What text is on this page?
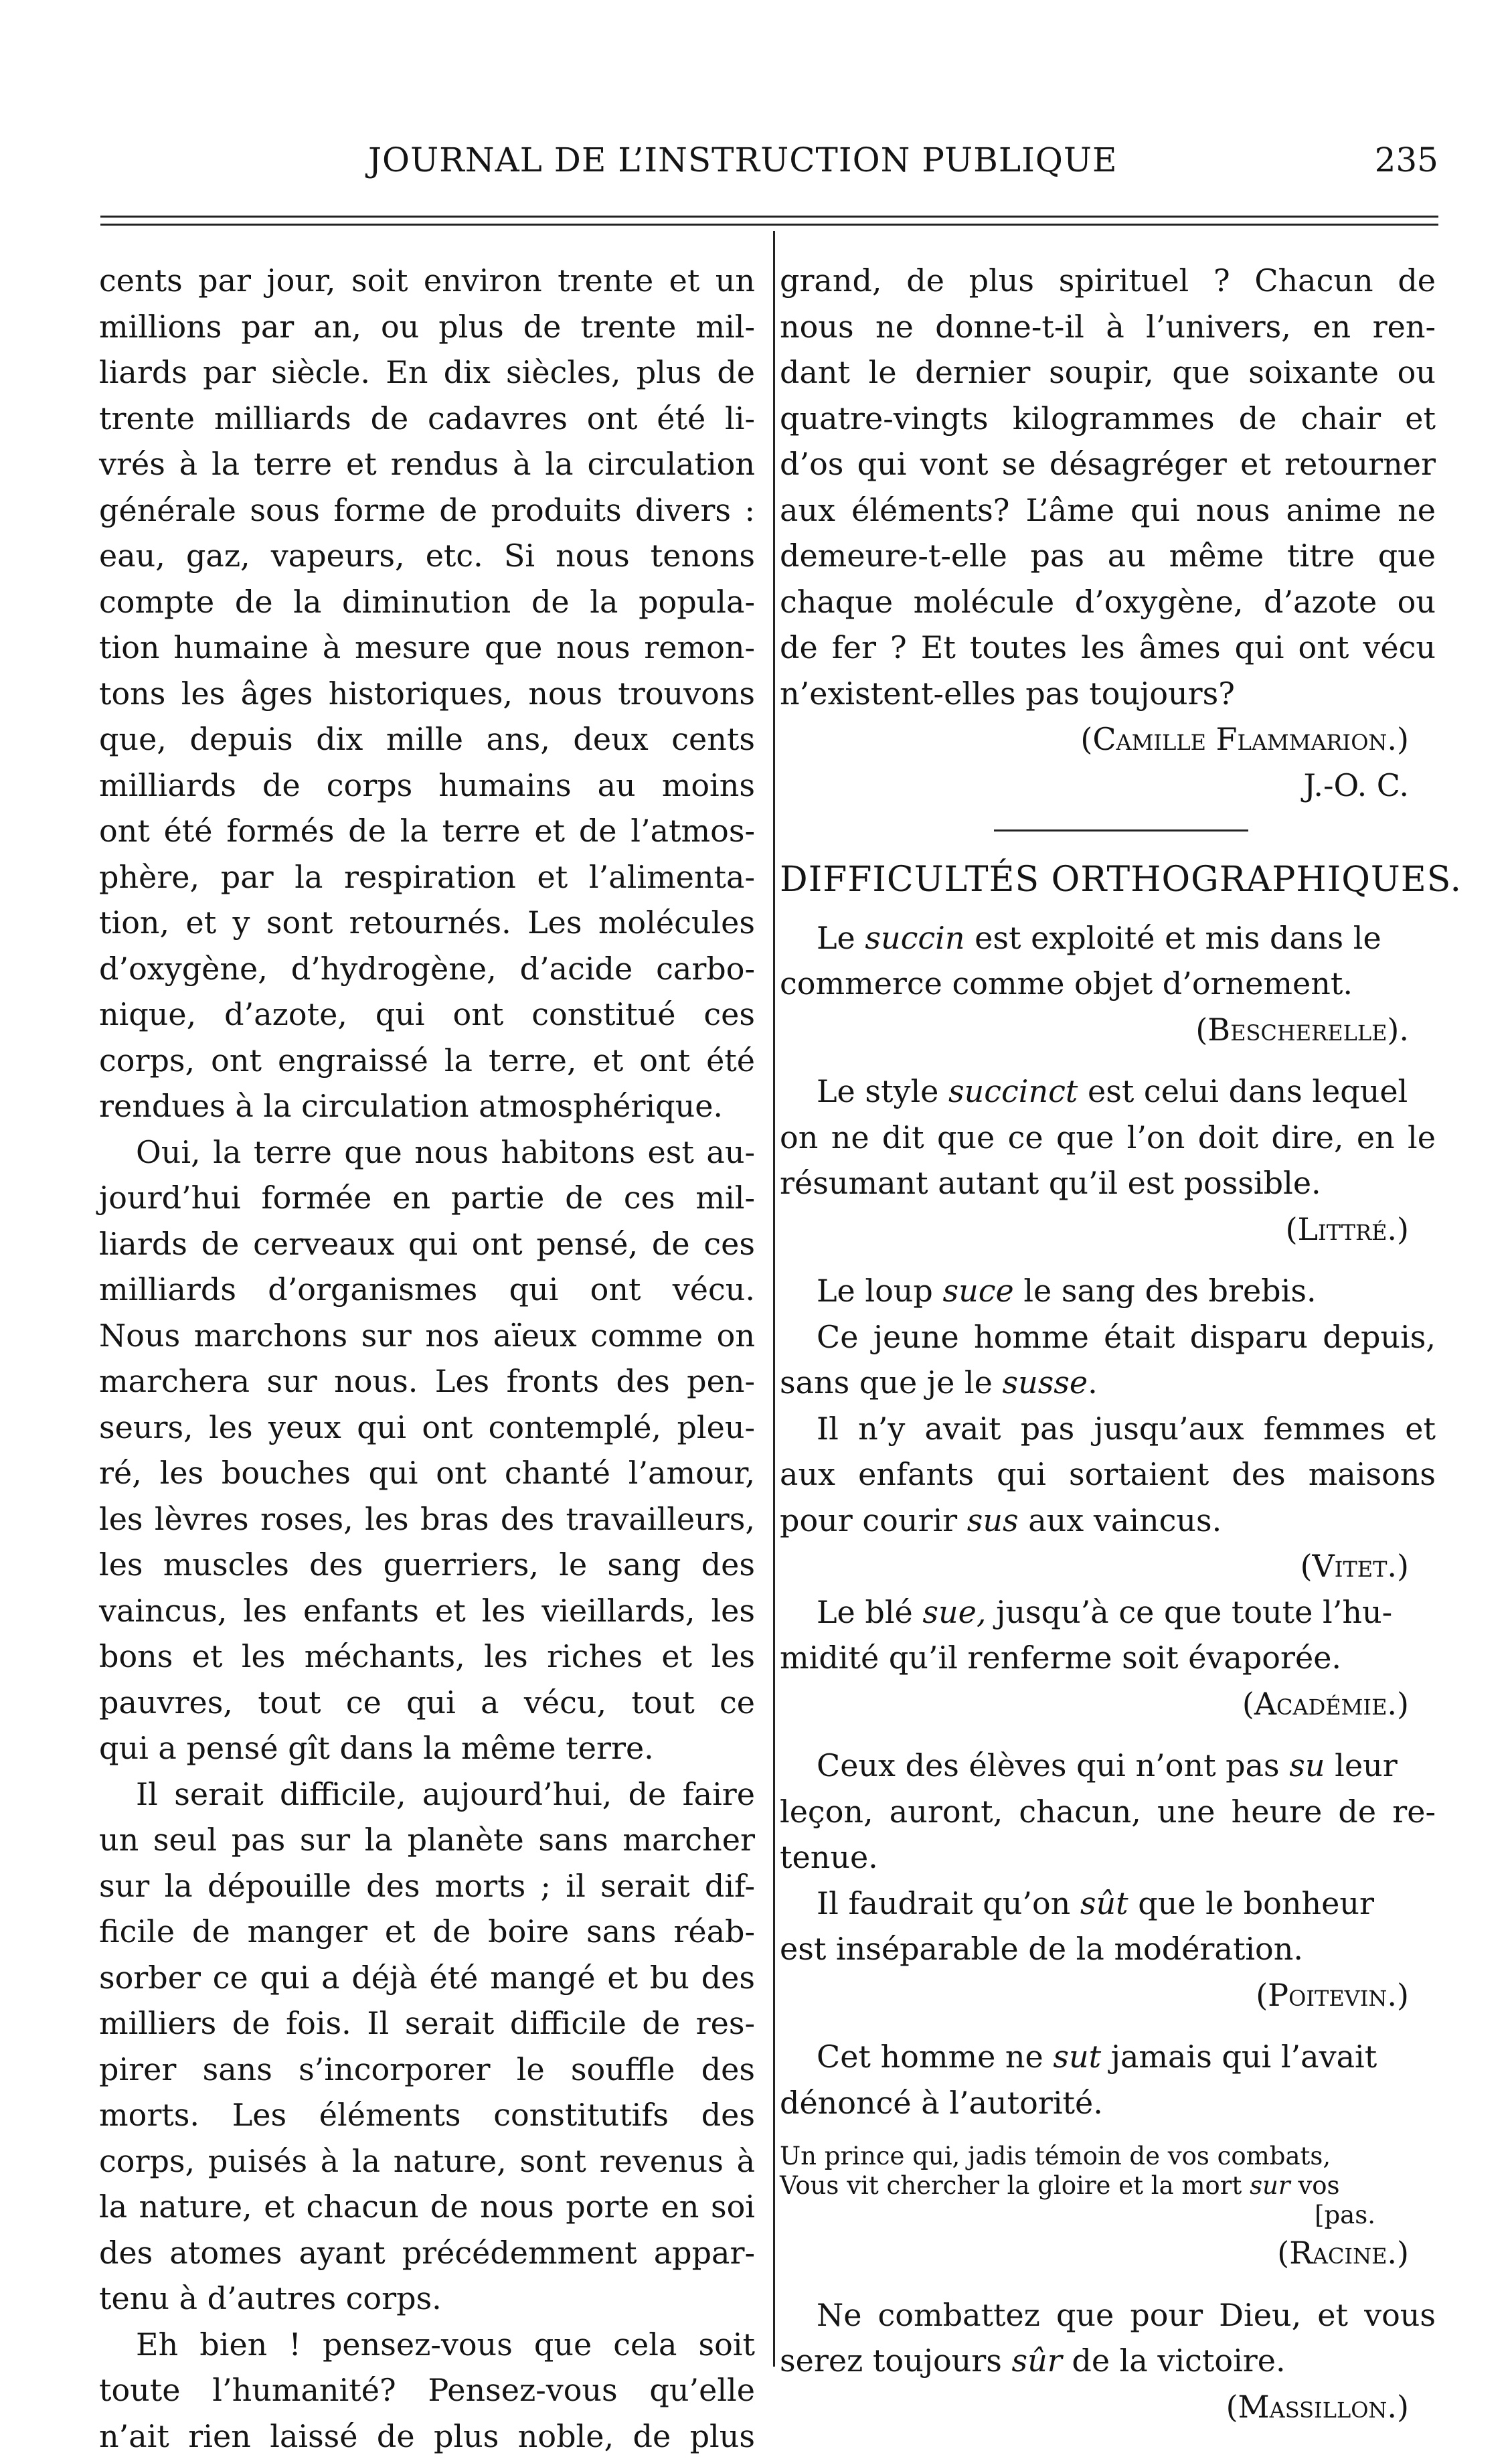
JOURNAL DE L’INSTRUCTION PUBLIQUE	235
cents par jour, soit environ trente et un
millions par an, ou plus de trente mil-
liards par siècle. En dix siècles, plus de
trente milliards de cadavres ont été li-
vrés à la terre et rendus à la circulation
générale sous forme de produits divers :
eau, gaz, vapeurs, etc. Si nous tenons
compte de la diminution de la popula-
tion humaine à mesure que nous remon-
tons les âges historiques, nous trouvons
que, depuis dix mille ans, deux cents
milliards de corps humains au moins
ont été formés de la terre et de l’atmos-
phère, par la respiration et l’alimenta-
tion, et y sont retournés. Les molécules
d’oxygène, d’hydrogène, d’acide carbo-
nique, d’azote, qui ont constitué ces
corps, ont engraissé la terre, et ont été
rendues à la circulation atmosphérique.
Oui, la terre que nous habitons est au-
jourd’hui formée en partie de ces mil-
liards de cerveaux qui ont pensé, de ces
milliards d’organismes qui ont vécu.
Nous marchons sur nos aïeux comme on
marchera sur nous. Les fronts des pen-
seurs, les yeux qui ont contemplé, pleu-
ré, les bouches qui ont chanté l’amour,
les lèvres roses, les bras des travailleurs,
les muscles des guerriers, le sang des
vaincus, les enfants et les vieillards, les
bons et les méchants, les riches et les
pauvres, tout ce qui a vécu, tout ce
qui a pensé gît dans la même terre.
Il serait difficile, aujourd’hui, de faire
un seul pas sur la planète sans marcher
sur la dépouille des morts ; il serait dif-
ficile de manger et de boire sans réab-
sorber ce qui a déjà été mangé et bu des
milliers de fois. Il serait difficile de res-
pirer sans s’incorporer le souffle des
morts. Les éléments constitutifs des
corps, puisés à la nature, sont revenus à
la nature, et chacun de nous porte en soi
des atomes ayant précédemment appar-
tenu à d’autres corps.
Eh bien ! pensez-vous que cela soit
toute l’humanité? Pensez-vous qu’elle
n’ait rien laissé de plus noble, de plus
grand, de plus spirituel ? Chacun de
nous ne donne-t-il à l’univers, en ren-
dant le dernier soupir, que soixante ou
quatre-vingts kilogrammes de chair et
d’os qui vont se désagréger et retourner
aux éléments? L’âme qui nous anime ne
demeure-t-elle pas au même titre que
chaque molécule d’oxygène, d’azote ou
de fer ? Et toutes les âmes qui ont vécu
n’existent-elles pas toujours?
(Camille Flammarion.)
J.-O. C.
DIFFICULTÉS ORTHOGRAPHIQUES.
Le succin est exploité et mis dans le
commerce comme objet d’ornement.
(Bescherelle).
Le style succinct est celui dans lequel
on ne dit que ce que l’on doit dire, en le
résumant autant qu’il est possible.
(Littré.)
Le loup suce le sang des brebis.
Ce jeune homme était disparu depuis,
sans que je le susse.
Il n’y avait pas jusqu’aux femmes et
aux enfants qui sortaient des maisons
pour courir sus aux vaincus.
(Vitet.)
Le blé sue, jusqu’à ce que toute l’hu-
midité qu’il renferme soit évaporée.
(Académie.)
Ceux des élèves qui n’ont pas su leur
leçon, auront, chacun, une heure de re-
tenue.
Il faudrait qu’on sût que le bonheur
est inséparable de la modération.
(Poitevin.)
Cet homme ne sut jamais qui l’avait
dénoncé à l’autorité.
Un prince qui, jadis témoin de vos combats,
Vous vit chercher la gloire et la mort sur vos
[pas.
(Racine.)
Ne combattez que pour Dieu, et vous
serez toujours sûr de la victoire.
(Massillon.)
